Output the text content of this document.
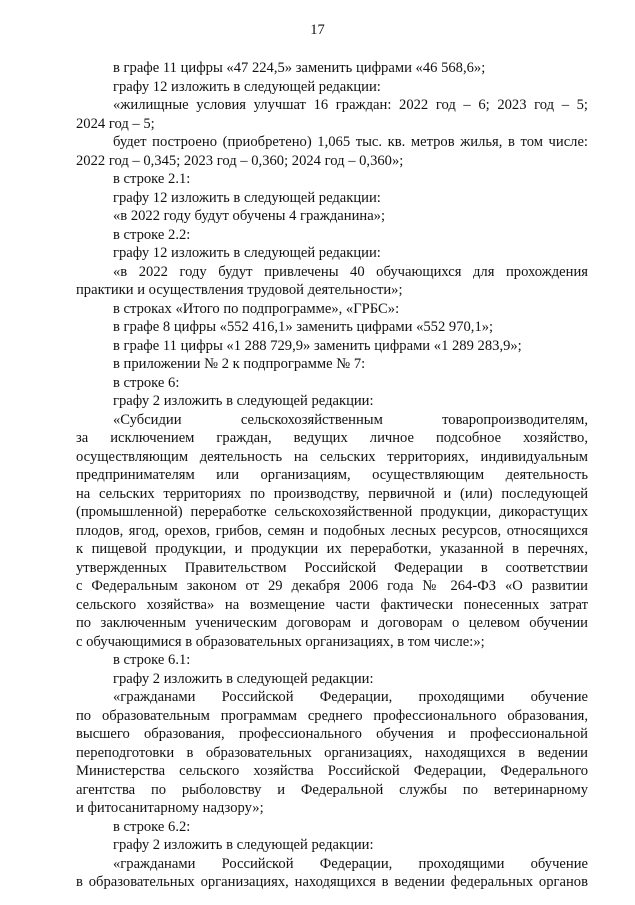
17
в графе 11 цифры «47 224,5» заменить цифрами «46 568,6»;
графу 12 изложить в следующей редакции:
«жилищные условия улучшат 16 граждан: 2022 год – 6; 2023 год – 5;
2024 год – 5;
будет построено (приобретено) 1,065 тыс. кв. метров жилья, в том числе:
2022 год – 0,345; 2023 год – 0,360; 2024 год – 0,360»;
в строке 2.1:
графу 12 изложить в следующей редакции:
«в 2022 году будут обучены 4 гражданина»;
в строке 2.2:
графу 12 изложить в следующей редакции:
«в 2022 году будут привлечены 40 обучающихся для прохождения
практики и осуществления трудовой деятельности»;
в строках «Итого по подпрограмме», «ГРБС»:
в графе 8 цифры «552 416,1» заменить цифрами «552 970,1»;
в графе 11 цифры «1 288 729,9» заменить цифрами «1 289 283,9»;
в приложении № 2 к подпрограмме № 7:
в строке 6:
графу 2 изложить в следующей редакции:
«Субсидии сельскохозяйственным товаропроизводителям,
за исключением граждан, ведущих личное подсобное хозяйство,
осуществляющим деятельность на сельских территориях, индивидуальным
предпринимателям или организациям, осуществляющим деятельность
на сельских территориях по производству, первичной и (или) последующей
(промышленной) переработке сельскохозяйственной продукции, дикорастущих
плодов, ягод, орехов, грибов, семян и подобных лесных ресурсов, относящихся
к пищевой продукции, и продукции их переработки, указанной в перечнях,
утвержденных Правительством Российской Федерации в соответствии
с Федеральным законом от 29 декабря 2006 года № 264-ФЗ «О развитии
сельского хозяйства» на возмещение части фактически понесенных затрат
по заключенным ученическим договорам и договорам о целевом обучении
с обучающимися в образовательных организациях, в том числе:»;
в строке 6.1:
графу 2 изложить в следующей редакции:
«гражданами Российской Федерации, проходящими обучение
по образовательным программам среднего профессионального образования,
высшего образования, профессионального обучения и профессиональной
переподготовки в образовательных организациях, находящихся в ведении
Министерства сельского хозяйства Российской Федерации, Федерального
агентства по рыболовству и Федеральной службы по ветеринарному
и фитосанитарному надзору»;
в строке 6.2:
графу 2 изложить в следующей редакции:
«гражданами Российской Федерации, проходящими обучение
в образовательных организациях, находящихся в ведении федеральных органов
